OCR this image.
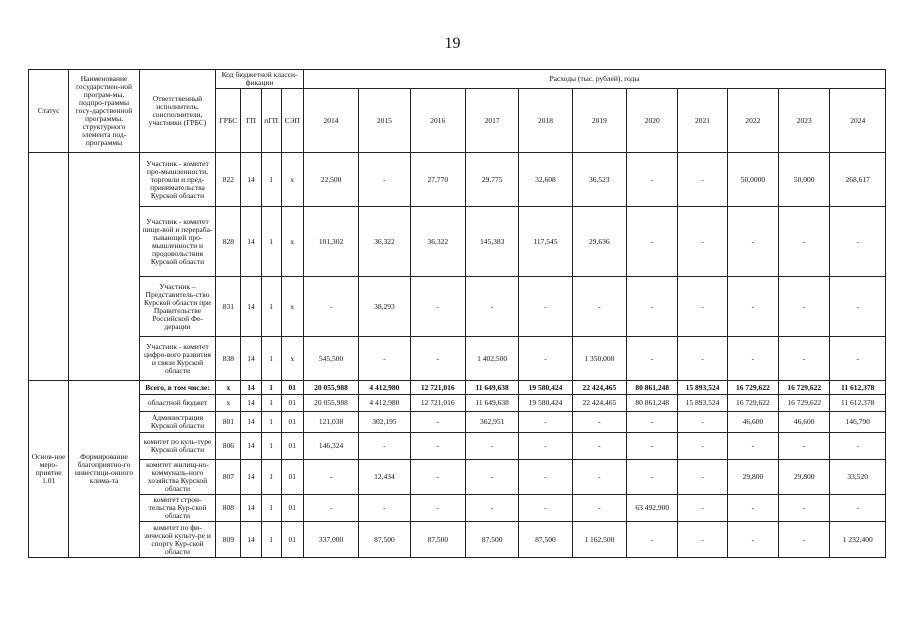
19
Статус	Наименование государствен-ной програм-мы, подпро-граммы госу-дарственной программы, структурного элемента под-программы	Ответственный исполнитель, соисполнители, участники (ГРБС)	Код бюджетной класси-фикации				Расходы (тыс. рублей), годы										
			ГРБС	ГП	пГП	СЭП	2014	2015	2016	2017	2018	2019	2020	2021	2022	2023	2024
		Участник - комитет про-мышленности, торговли и пред-принимательства Курской области	822	14	1	х	22,500	-	27,770	29,775	32,608	36,523	-	-	50,0000	50,000	268,617
		Участник - комитет пище-вой и перераба-тывающей про-мышленности и продовольствия Курской области	828	14	1	х	101,302	36,322	36,322	145,383	117,545	29,636	-	-	-	-	-
		Участник – Представитель-ство Курской области при Правительстве Российской Фе-дерации	831	14	1	х	-	38,293	-	-	-	-	-	-	-	-	-
		Участник - комитет цифро-вого развития и связи Курской области	838	14	1	х	545,500	-	-	1 402,500	-	1 350,000	-	-	-	-	-
Основ-ное меро-приятие 1.01	Формирование благоприятно-го инвестици-онного клима-та	Всего, в том числе:	х	14	1	01	20 055,988	4 412,980	12 721,016	11 649,638	19 580,424	22 424,465	80 861,248	15 893,524	16 729,622	16 729,622	11 612,378
		областной бюджет	х	14	1	01	20 055,988	4 412,980	12 721,016	11 649,638	19 580,424	22 424,465	80 861,248	15 893,524	16 729,622	16 729,622	11 612,378
		Администрация Курской области	801	14	1	01	121,038	302,195	-	362,951	-	-	-	-	46,600	46,600	146,790
		комитет по куль-туре Курской области	806	14	1	01	146,324	-	-	-	-	-	-	-	-	-	-
		комитет жилищ-но-коммуналь-ного хозяйства Курской области	807	14	1	01	-	12,434	-	-	-	-	-	-	29,800	29,800	33,520
		комитет строи-тельства Кур-ской области	808	14	1	01	-	-	-	-	-	-	63 492,900	-	-	-	-
		комитет по фи-зической культу-ре и спорту Кур-ской области	809	14	1	01	337,000	87,500	87,500	87,500	87,500	1 162,500	-	-	-	-	1 232,400
